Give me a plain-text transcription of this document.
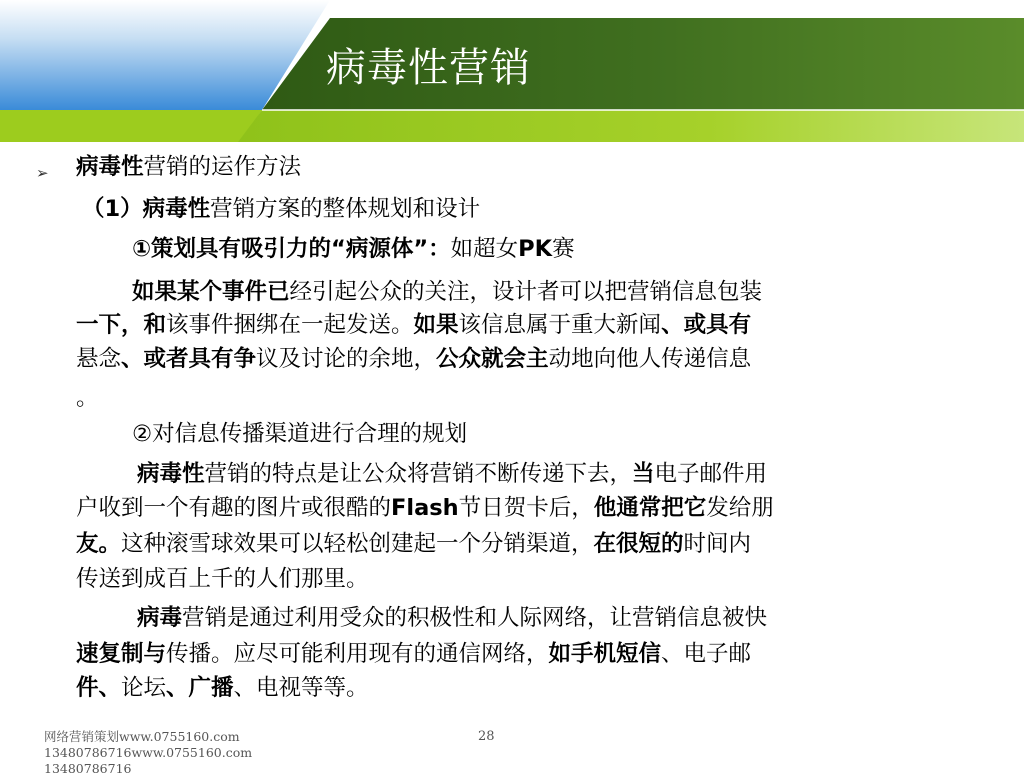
病毒性营销
➢ 病毒性营销的运作方法
（1）病毒性营销方案的整体规划和设计
①策划具有吸引力的“病源体”：如超女PK赛
如果某个事件已经引起公众的关注，设计者可以把营销信息包装
一下，和该事件捆绑在一起发送。如果该信息属于重大新闻、或具有
悬念、或者具有争议及讨论的余地，公众就会主动地向他人传递信息
。
②对信息传播渠道进行合理的规划
病毒性营销的特点是让公众将营销不断传递下去，当电子邮件用
户收到一个有趣的图片或很酷的Flash节日贺卡后，他通常把它发给朋
友。这种滚雪球效果可以轻松创建起一个分销渠道，在很短的时间内
传送到成百上千的人们那里。
病毒营销是通过利用受众的积极性和人际网络，让营销信息被快
速复制与传播。应尽可能利用现有的通信网络，如手机短信、电子邮
件、论坛、广播、电视等等。
网络营销策划www.0755160.com
13480786716www.0755160.com
13480786716
28
